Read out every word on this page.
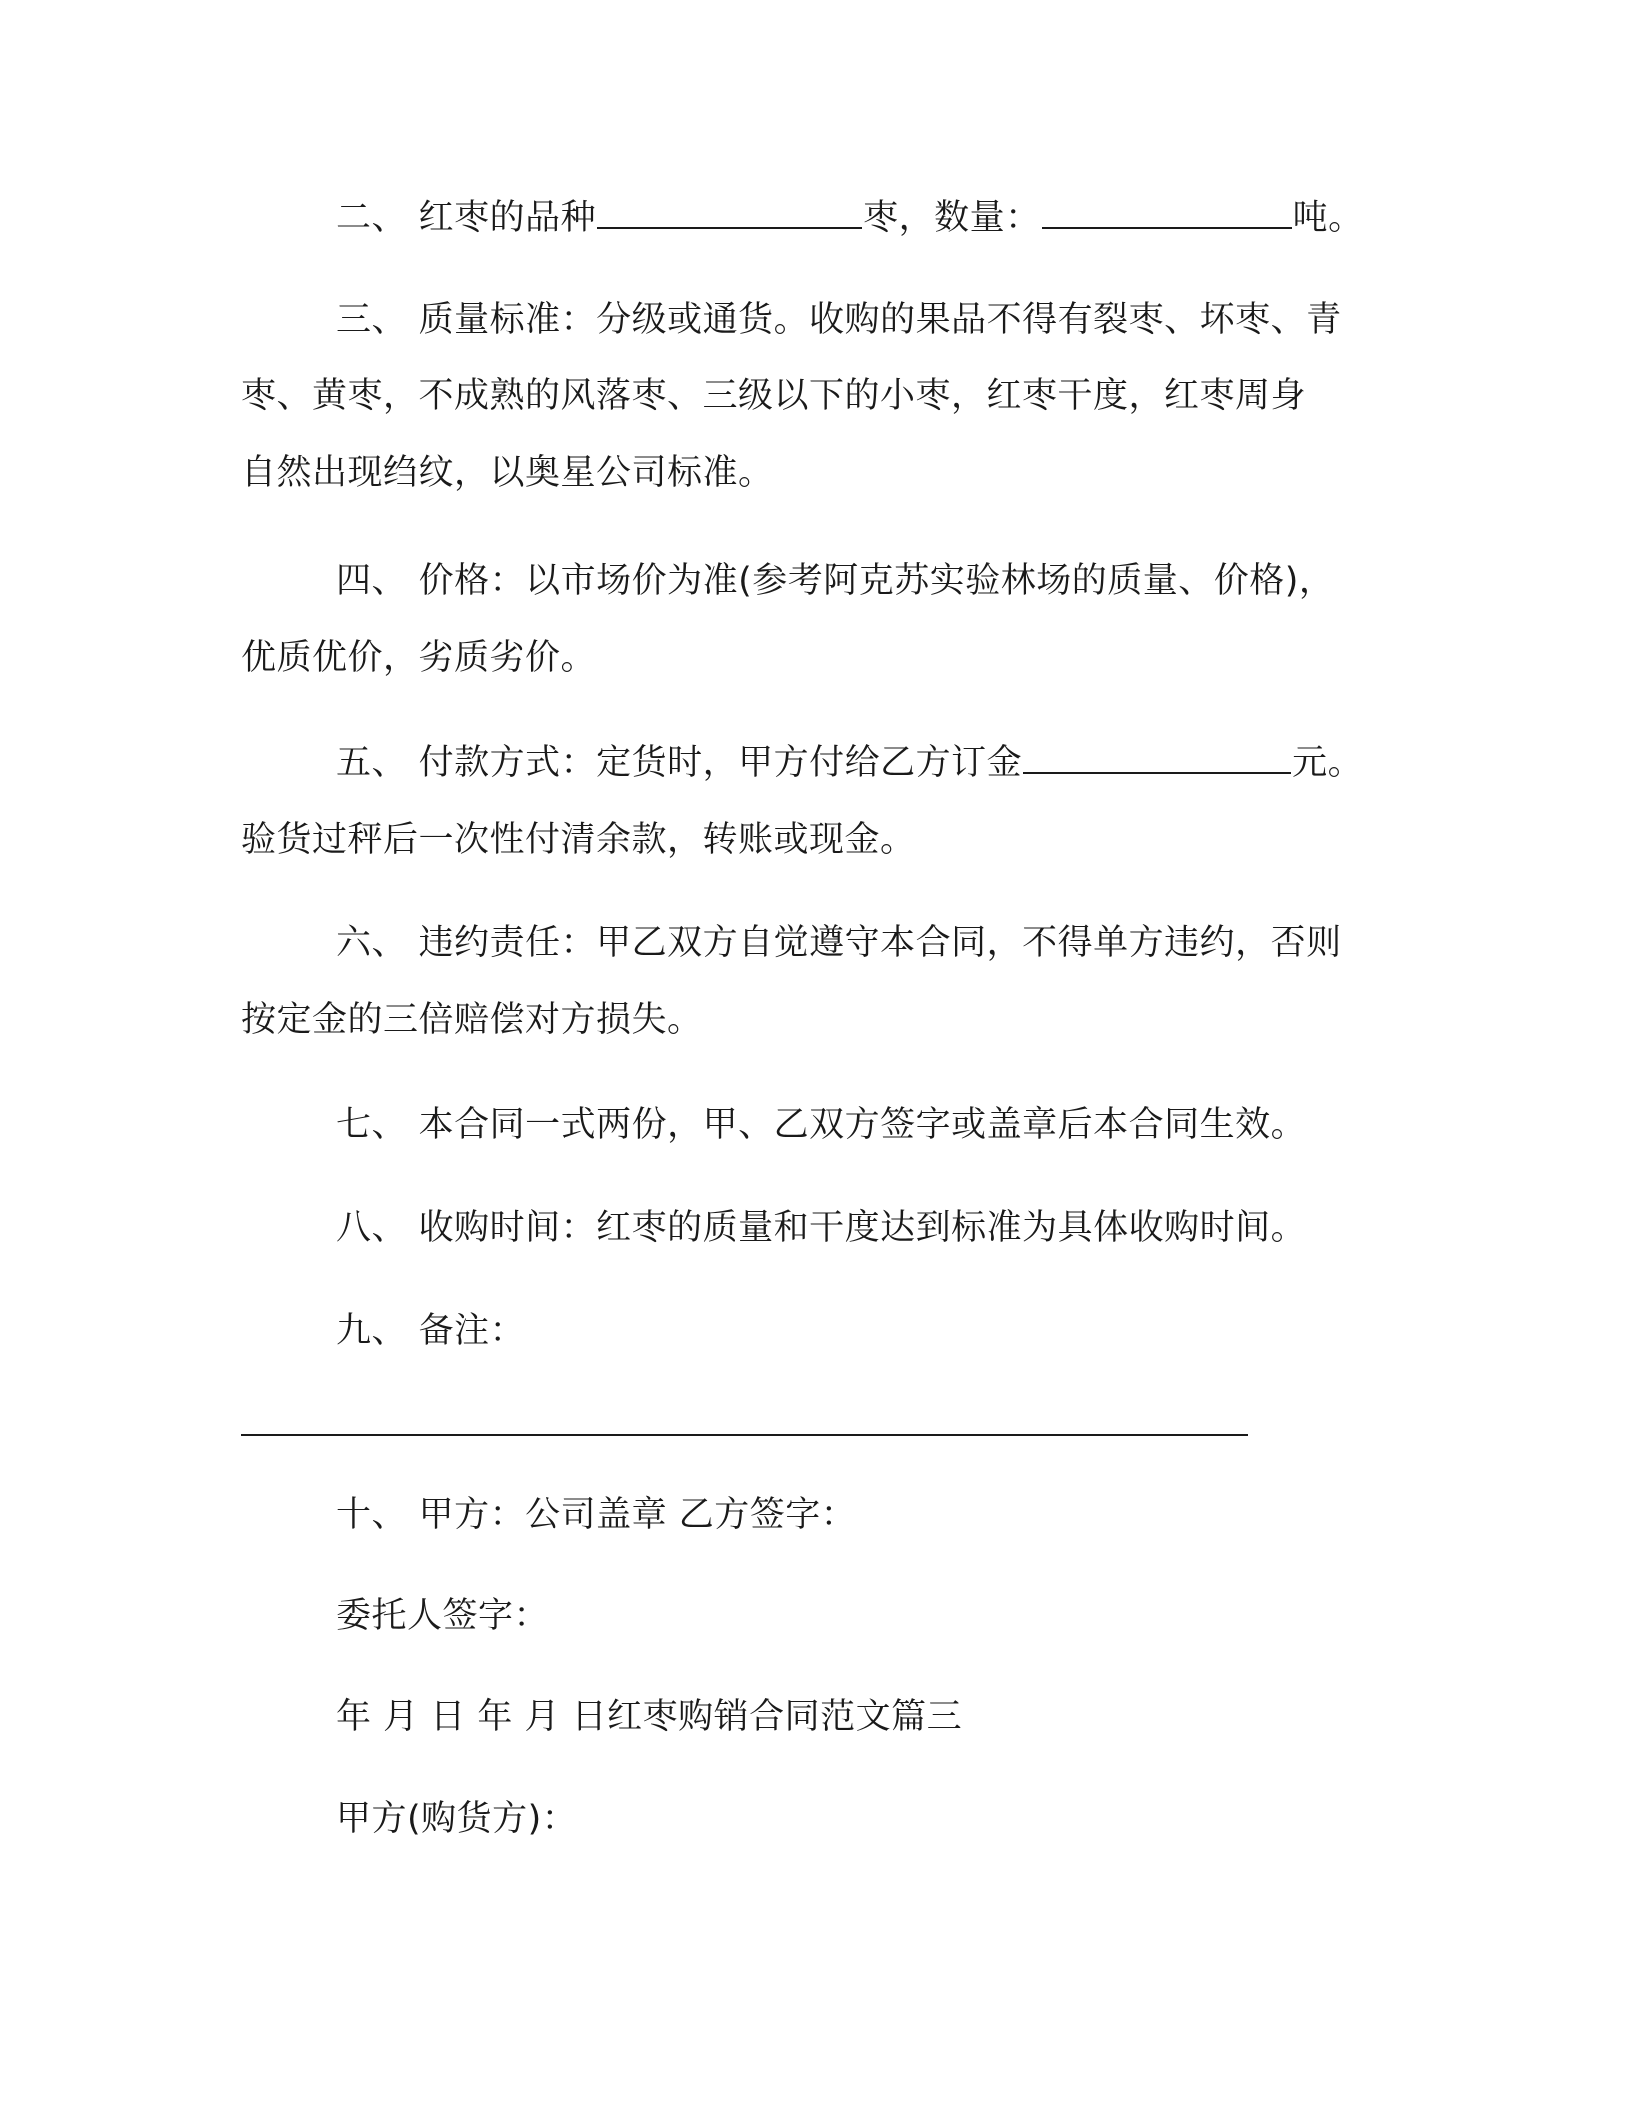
二、 红枣的品种	枣，数量：	吨。
三、 质量标准：分级或通货。收购的果品不得有裂枣、坏枣、青
枣、黄枣，不成熟的风落枣、三级以下的小枣，红枣干度，红枣周身
自然出现绉纹，以奥星公司标准。
四、 价格：以市场价为准(参考阿克苏实验林场的质量、价格)，
优质优价，劣质劣价。
五、 付款方式：定货时，甲方付给乙方订金	元。
验货过秤后一次性付清余款，转账或现金。
六、 违约责任：甲乙双方自觉遵守本合同，不得单方违约，否则
按定金的三倍赔偿对方损失。
七、 本合同一式两份，甲、乙双方签字或盖章后本合同生效。
八、 收购时间：红枣的质量和干度达到标准为具体收购时间。
九、 备注：
十、 甲方：公司盖章 乙方签字：
委托人签字：
年 月 日 年 月 日红枣购销合同范文篇三
甲方(购货方)：
